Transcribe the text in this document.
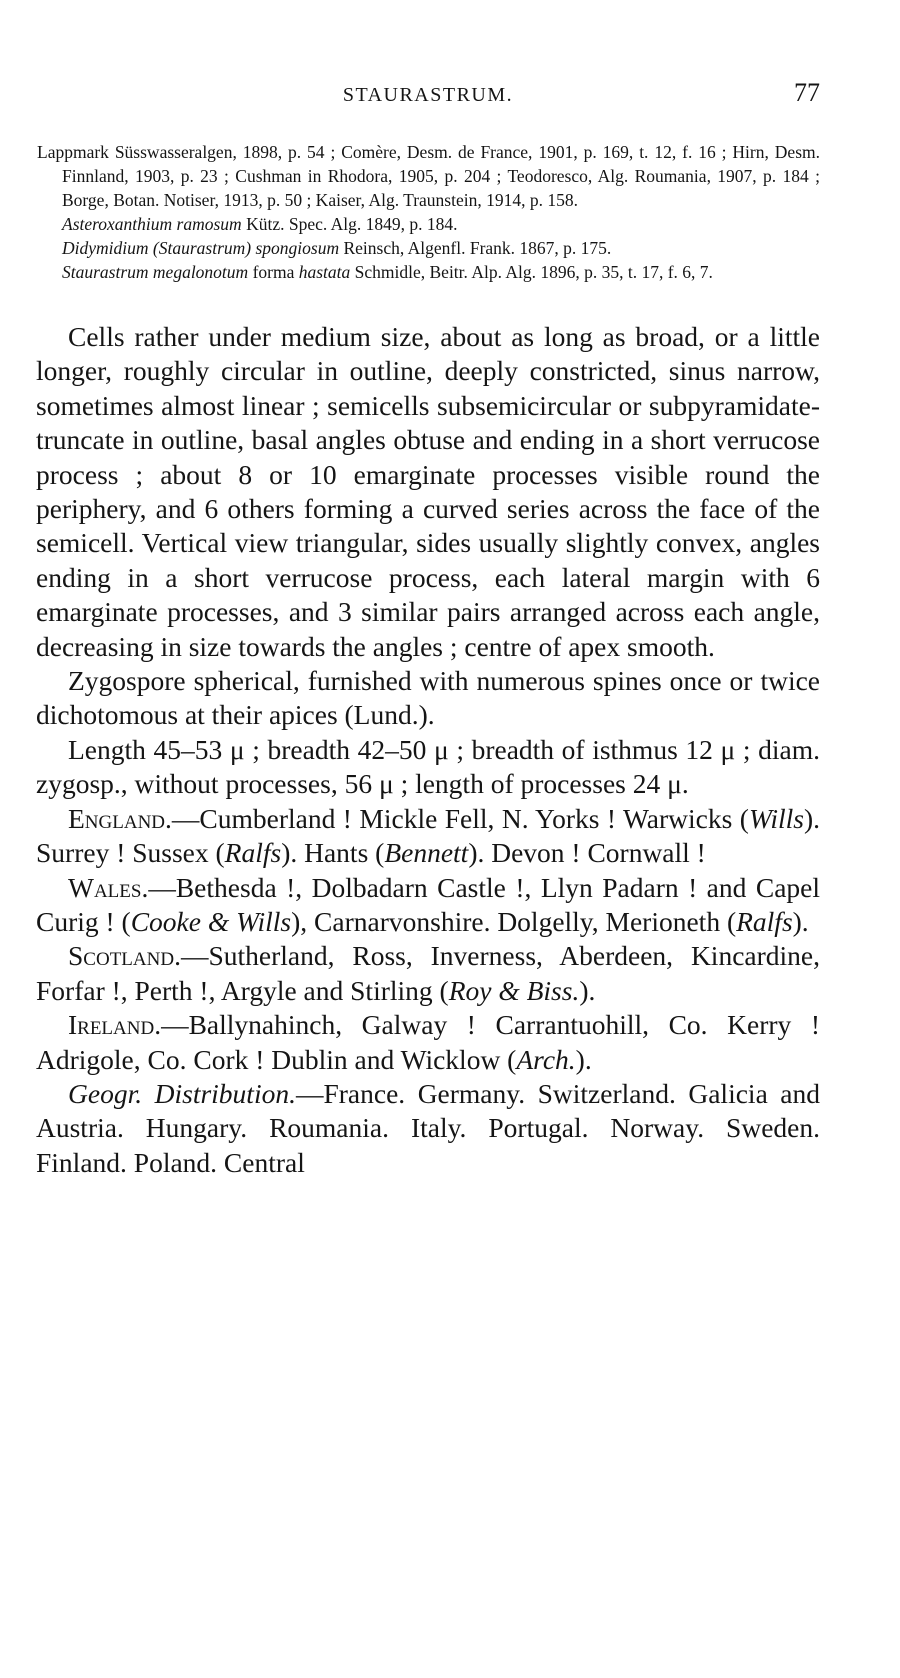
STAURASTRUM.	77

Lappmark Süsswasseralgen, 1898, p. 54 ; Comère, Desm. de France, 1901, p. 169, t. 12, f. 16 ; Hirn, Desm. Finnland, 1903, p. 23 ; Cushman in Rhodora, 1905, p. 204 ; Teodoresco, Alg. Roumania, 1907, p. 184 ; Borge, Botan. Notiser, 1913, p. 50 ; Kaiser, Alg. Traunstein, 1914, p. 158.

Asteroxanthium ramosum Kütz. Spec. Alg. 1849, p. 184.

Didymidium (Staurastrum) spongiosum Reinsch, Algenfl. Frank. 1867, p. 175.

Staurastrum megalonotum forma hastata Schmidle, Beitr. Alp. Alg. 1896, p. 35, t. 17, f. 6, 7.

Cells rather under medium size, about as long as broad, or a little longer, roughly circular in outline, deeply constricted, sinus narrow, sometimes almost linear ; semicells subsemicircular or subpyramidate-truncate in outline, basal angles obtuse and ending in a short verrucose process ; about 8 or 10 emarginate processes visible round the periphery, and 6 others forming a curved series across the face of the semicell. Vertical view triangular, sides usually slightly convex, angles ending in a short verrucose process, each lateral margin with 6 emarginate processes, and 3 similar pairs arranged across each angle, decreasing in size towards the angles ; centre of apex smooth.

Zygospore spherical, furnished with numerous spines once or twice dichotomous at their apices (Lund.).

Length 45–53 μ ; breadth 42–50 μ ; breadth of isthmus 12 μ ; diam. zygosp., without processes, 56 μ ; length of processes 24 μ.

England.—Cumberland ! Mickle Fell, N. Yorks ! Warwicks (Wills). Surrey ! Sussex (Ralfs). Hants (Bennett). Devon ! Cornwall !

Wales.—Bethesda !, Dolbadarn Castle !, Llyn Padarn ! and Capel Curig ! (Cooke & Wills), Carnarvonshire. Dolgelly, Merioneth (Ralfs).

Scotland.—Sutherland, Ross, Inverness, Aberdeen, Kincardine, Forfar !, Perth !, Argyle and Stirling (Roy & Biss.).

Ireland.—Ballynahinch, Galway ! Carrantuohill, Co. Kerry ! Adrigole, Co. Cork ! Dublin and Wicklow (Arch.).

Geogr. Distribution.—France. Germany. Switzerland. Galicia and Austria. Hungary. Roumania. Italy. Portugal. Norway. Sweden. Finland. Poland. Central
